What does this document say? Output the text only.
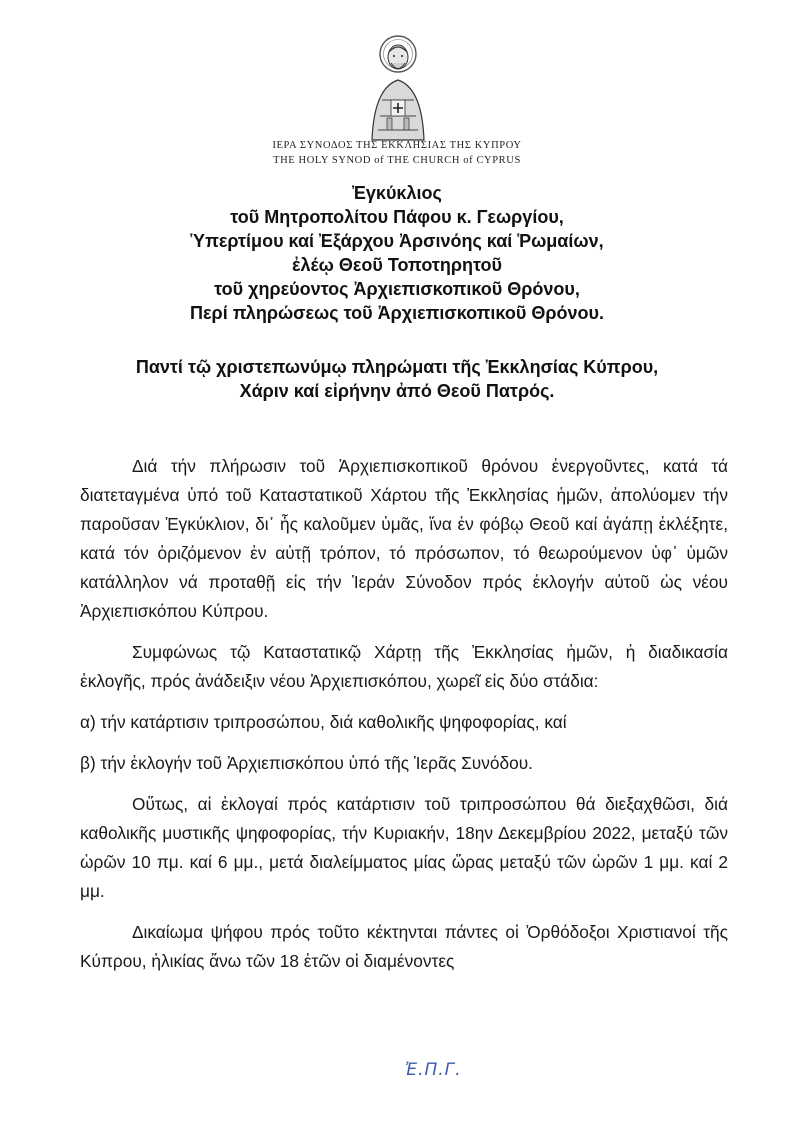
ΙΕΡΑ ΣΥΝΟΔΟΣ ΤΗΣ ΕΚΚΛΗΣΙΑΣ ΤΗΣ ΚΥΠΡΟΥ
THE HOLY SYNOD of THE CHURCH of CYPRUS
Ἐγκύκλιος
τοῦ Μητροπολίτου Πάφου κ. Γεωργίου,
Ὑπερτίμου καί Ἐξάρχου Ἀρσινόης καί Ῥωμαίων,
ἐλέῳ Θεοῦ Τοποτηρητοῦ
τοῦ χηρεύοντος Ἀρχιεπισκοπικοῦ Θρόνου,
Περί πληρώσεως τοῦ Ἀρχιεπισκοπικοῦ Θρόνου.
Παντί τῷ χριστεπωνύμῳ πληρώματι τῆς Ἐκκλησίας Κύπρου,
Χάριν καί εἰρήνην ἀπό Θεοῦ Πατρός.

Διά τήν πλήρωσιν τοῦ Ἀρχιεπισκοπικοῦ θρόνου ἐνεργοῦντες, κατά τά διατεταγμένα ὑπό τοῦ Καταστατικοῦ Χάρτου τῆς Ἐκκλησίας ἡμῶν, ἀπολύομεν τήν παροῦσαν Ἐγκύκλιον, δι᾽ ἧς καλοῦμεν ὑμᾶς, ἵνα ἐν φόβῳ Θεοῦ καί ἀγάπῃ ἐκλέξητε, κατά τόν ὁριζόμενον ἐν αὐτῇ τρόπον, τό πρόσωπον, τό θεωρούμενον ὑφ᾽ ὑμῶν κατάλληλον νά προταθῇ εἰς τήν Ἱεράν Σύνοδον πρός ἐκλογήν αὐτοῦ ὡς νέου Ἀρχιεπισκόπου Κύπρου.

Συμφώνως τῷ Καταστατικῷ Χάρτῃ τῆς Ἐκκλησίας ἡμῶν, ἡ διαδικασία ἐκλογῆς, πρός ἀνάδειξιν νέου Ἀρχιεπισκόπου, χωρεῖ εἰς δύο στάδια:

α) τήν κατάρτισιν τριπροσώπου, διά καθολικῆς ψηφοφορίας, καί

β) τήν ἐκλογήν τοῦ Ἀρχιεπισκόπου ὑπό τῆς Ἱερᾶς Συνόδου.

Οὕτως, αἱ ἐκλογαί πρός κατάρτισιν τοῦ τριπροσώπου θά διεξαχθῶσι, διά καθολικῆς μυστικῆς ψηφοφορίας, τήν Κυριακήν, 18ην Δεκεμβρίου 2022, μεταξύ τῶν ὡρῶν 10 πμ. καί 6 μμ., μετά διαλείμματος μίας ὥρας μεταξύ τῶν ὡρῶν 1 μμ. καί 2 μμ.

Δικαίωμα ψήφου πρός τοῦτο κέκτηνται πάντες οἱ Ὀρθόδοξοι Χριστιανοί τῆς Κύπρου, ἡλικίας ἄνω τῶν 18 ἐτῶν οἱ διαμένοντες

Ἐ.Π.Γ.
